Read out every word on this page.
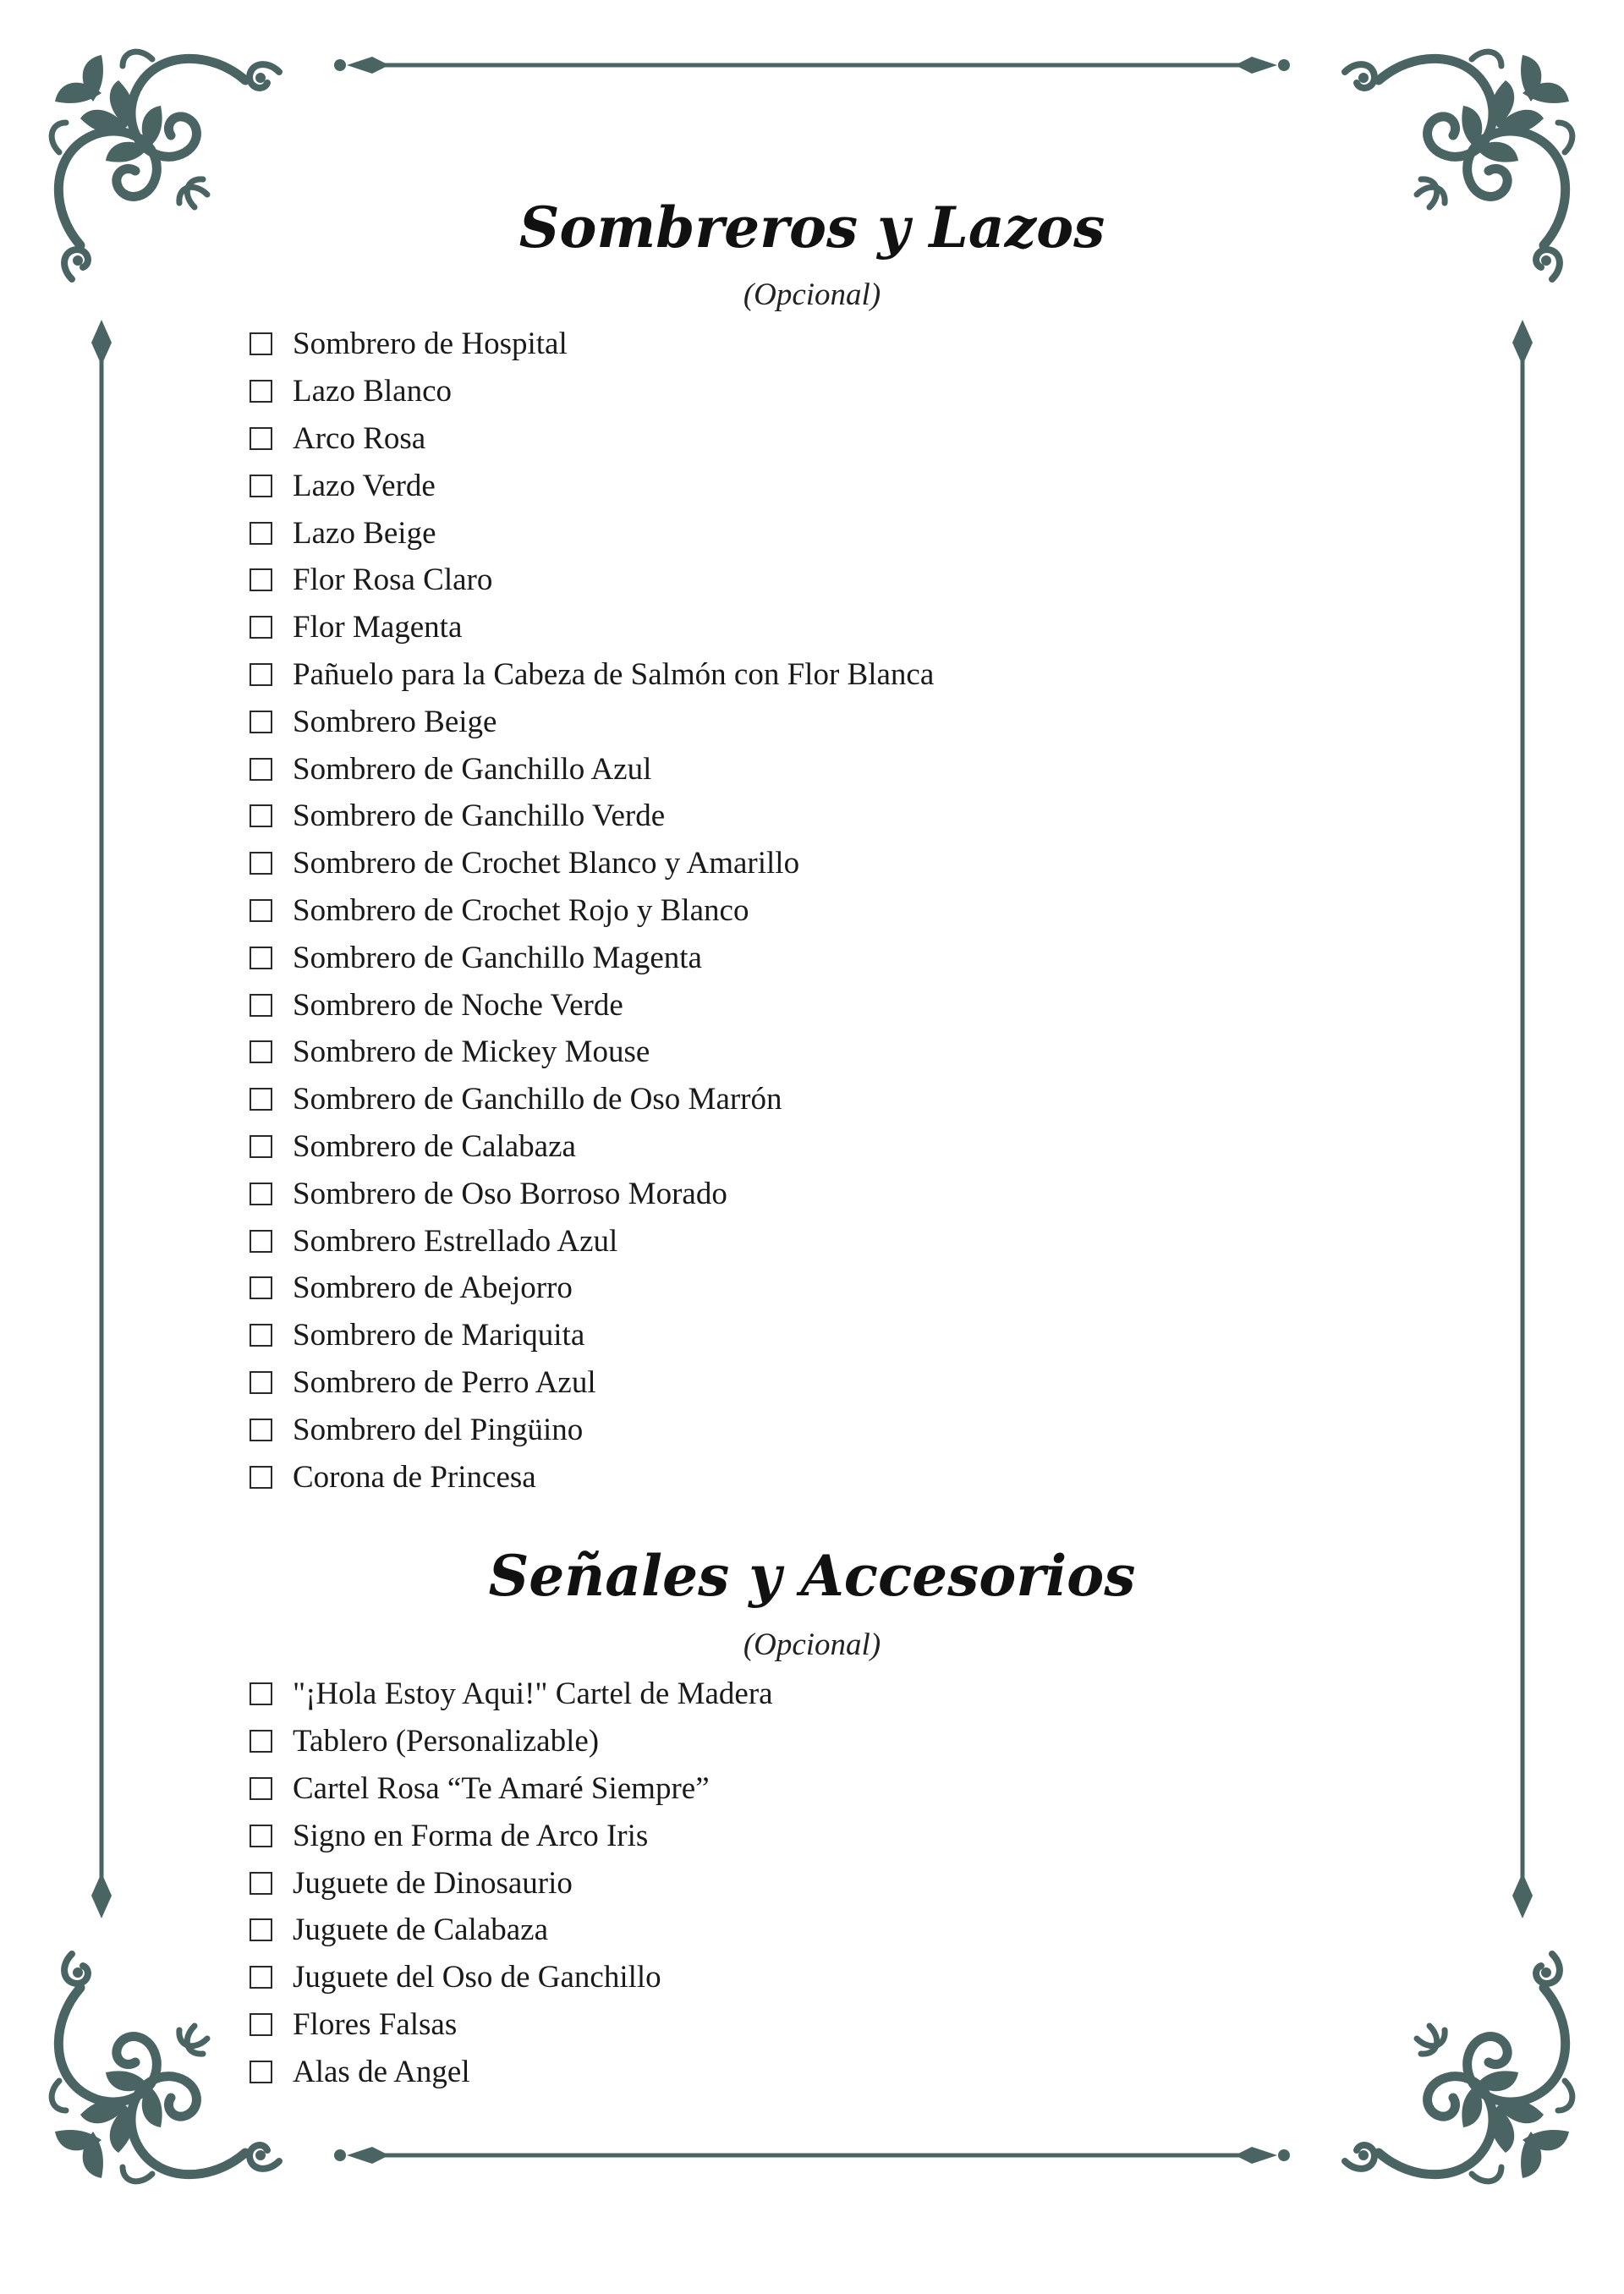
Sombreros y Lazos
(Opcional)
Sombrero de Hospital
Lazo Blanco
Arco Rosa
Lazo Verde
Lazo Beige
Flor Rosa Claro
Flor Magenta
Pañuelo para la Cabeza de Salmón con Flor Blanca
Sombrero Beige
Sombrero de Ganchillo Azul
Sombrero de Ganchillo Verde
Sombrero de Crochet Blanco y Amarillo
Sombrero de Crochet Rojo y Blanco
Sombrero de Ganchillo Magenta
Sombrero de Noche Verde
Sombrero de Mickey Mouse
Sombrero de Ganchillo de Oso Marrón
Sombrero de Calabaza
Sombrero de Oso Borroso Morado
Sombrero Estrellado Azul
Sombrero de Abejorro
Sombrero de Mariquita
Sombrero de Perro Azul
Sombrero del Pingüino
Corona de Princesa
Señales y Accesorios
(Opcional)
"¡Hola Estoy Aqui!" Cartel de Madera
Tablero (Personalizable)
Cartel Rosa “Te Amaré Siempre”
Signo en Forma de Arco Iris
Juguete de Dinosaurio
Juguete de Calabaza
Juguete del Oso de Ganchillo
Flores Falsas
Alas de Angel
